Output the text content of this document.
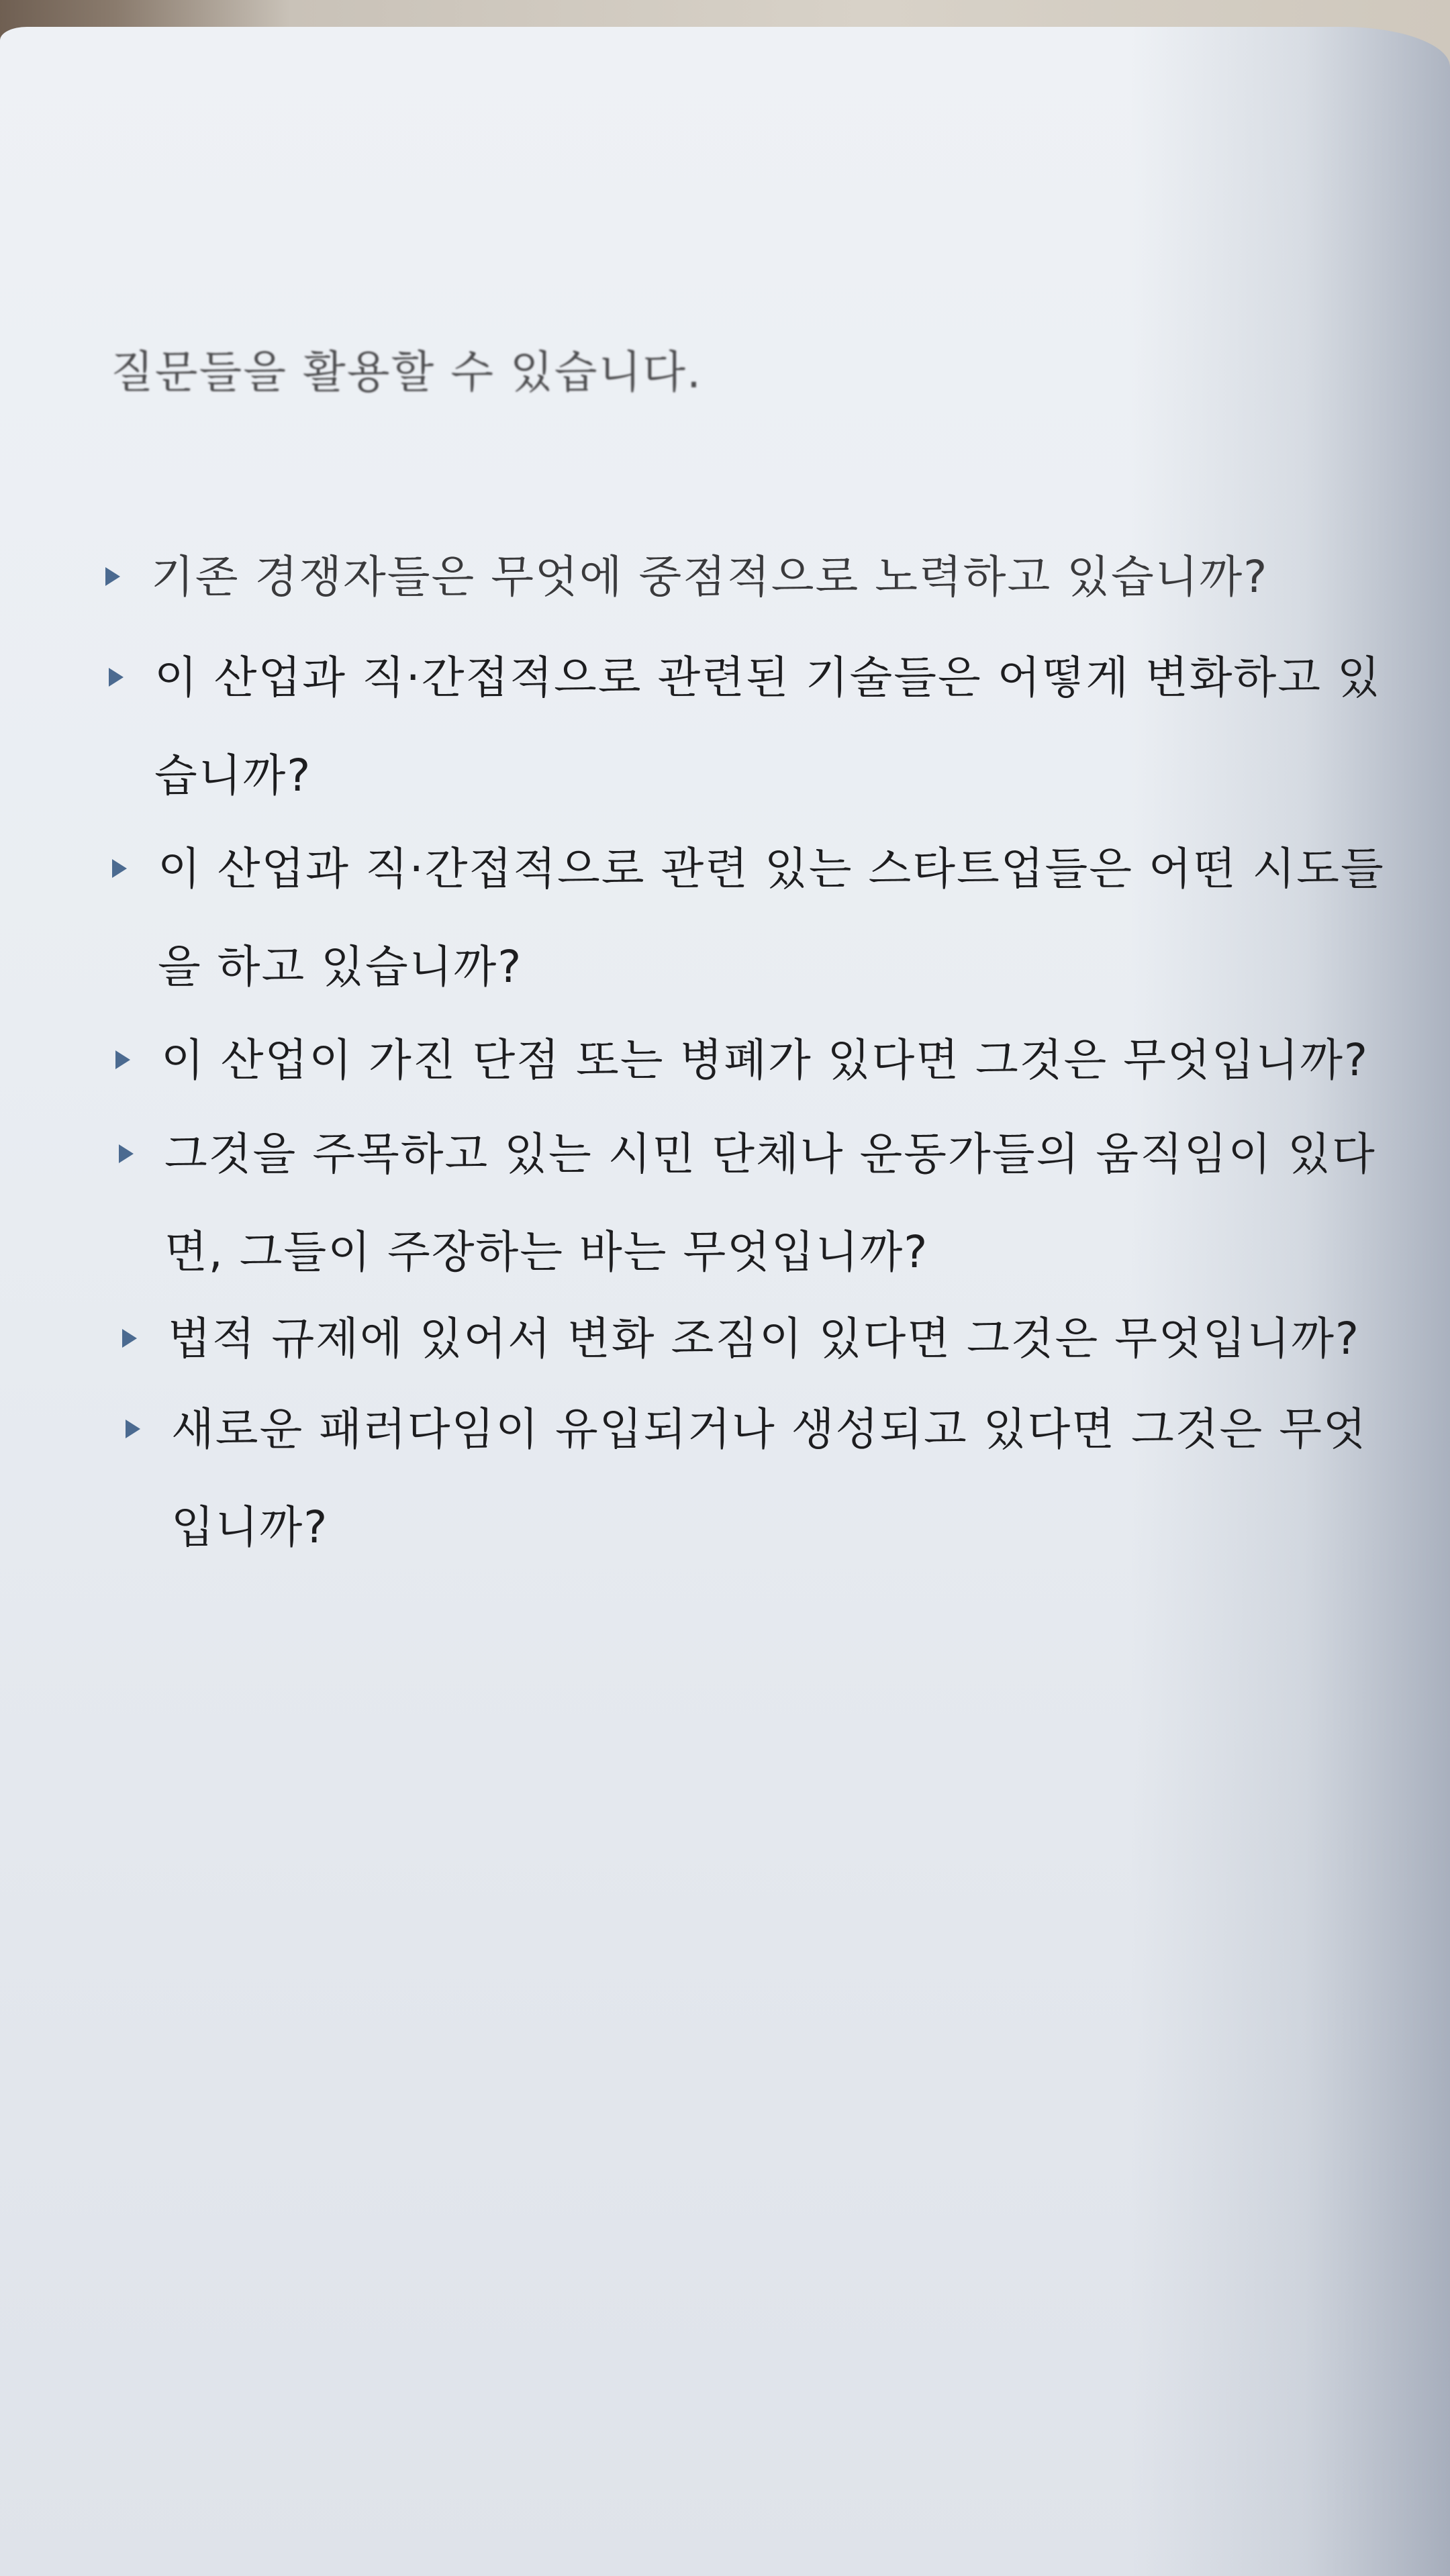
질문들을 활용할 수 있습니다.

기존 경쟁자들은 무엇에 중점적으로 노력하고 있습니까?
이 산업과 직·간접적으로 관련된 기술들은 어떻게 변화하고 있
습니까?
이 산업과 직·간접적으로 관련 있는 스타트업들은 어떤 시도들
을 하고 있습니까?
이 산업이 가진 단점 또는 병폐가 있다면 그것은 무엇입니까?
그것을 주목하고 있는 시민 단체나 운동가들의 움직임이 있다
면, 그들이 주장하는 바는 무엇입니까?
법적 규제에 있어서 변화 조짐이 있다면 그것은 무엇입니까?
새로운 패러다임이 유입되거나 생성되고 있다면 그것은 무엇
입니까?
